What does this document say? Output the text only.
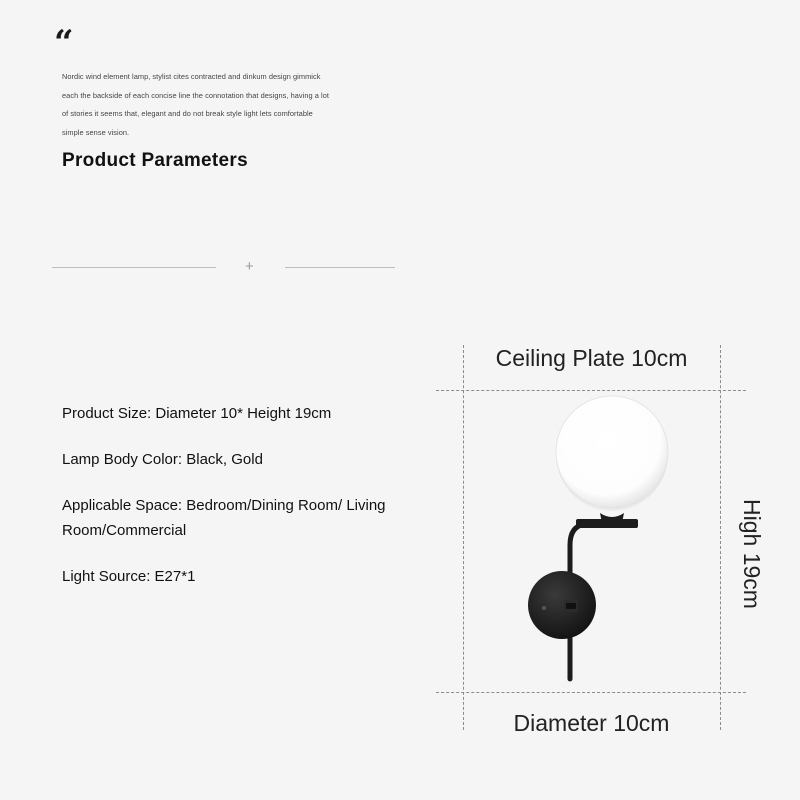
“
Nordic wind element lamp, stylist cites contracted and dinkum design gimmick
each the backside of each concise line the connotation that designs, having a lot
of stories it seems that, elegant and do not break style light lets comfortable
simple sense vision.
Product Parameters
+
Product Size: Diameter 10* Height 19cm
Lamp Body Color: Black, Gold
Applicable Space: Bedroom/Dining Room/ Living Room/Commercial
Light Source: E27*1
Ceiling Plate 10cm
High 19cm
Diameter 10cm
